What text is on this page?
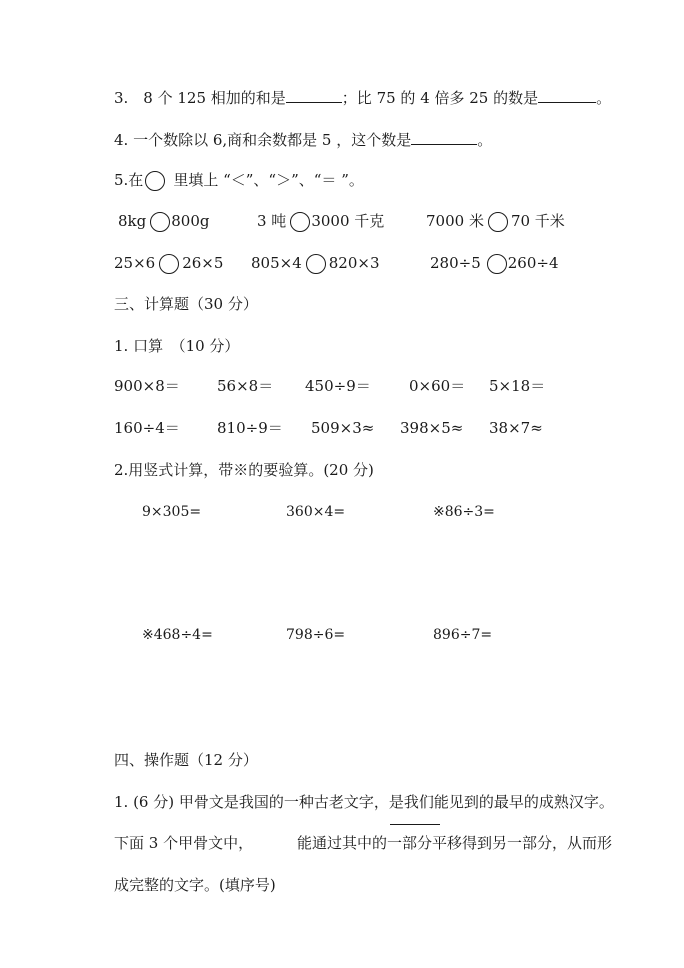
3.　8 个 125 相加的和是	；比 75 的 4 倍多 25 的数是	。
4. 一个数除以 6,商和余数都是 5 ，这个数是	。
5.在 里填上 “＜”、“＞”、“＝ ”。
8kg 800g	3 吨 3000 千克	7000 米 70 千米
25×6 26×5 805×4 820×3	280÷5 260÷4
三、计算题（30 分）
1. 口算　（10 分）
900×8＝ 56×8＝ 450÷9＝	0×60＝ 5×18＝
160÷4＝ 810÷9＝ 509×3≈ 398×5≈ 38×7≈
2.用竖式计算，带※的要验算。(20 分)
9×305=	360×4=	※86÷3=
※468÷4=	798÷6=	896÷7=
四、操作题（12 分）
1. (6 分) 甲骨文是我国的一种古老文字，是我们能见到的最早的成熟汉字。
下面 3 个甲骨文中，	能通过其中的一部分平移得到另一部分，从而形
成完整的文字。(填序号)
